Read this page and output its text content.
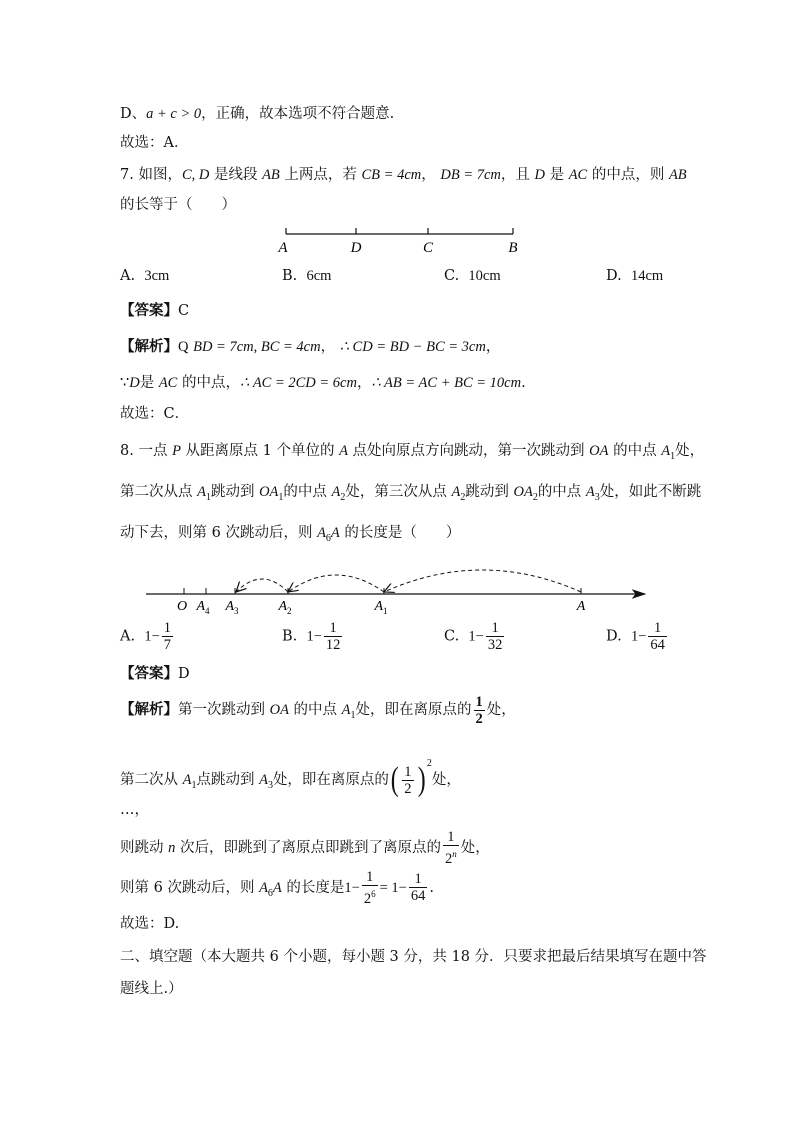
D、a + c > 0，正确，故本选项不符合题意.
故选：A．
7. 如图，C, D 是线段 AB 上两点，若 CB = 4cm， DB = 7cm，且 D 是 AC 的中点，则 AB
的长等于（　　）
A	D	C	B
A. 3cm	B. 6cm	C. 10cm	D. 14cm
【答案】C
【解析】Q BD = 7cm, BC = 4cm， ∴ CD = BD − BC = 3cm，
∵D是 AC 的中点，∴ AC = 2CD = 6cm，∴ AB = AC + BC = 10cm.
故选：C．
8. 一点 P 从距离原点 1 个单位的 A 点处向原点方向跳动，第一次跳动到 OA 的中点 $A_1$处，
第二次从点 $A_1$跳动到 $OA_1$的中点 $A_2$处，第三次从点 $A_2$跳动到 $OA_2$的中点 $A_3$处，如此不断跳
动下去，则第 6 次跳动后，则 $A_6A$ 的长度是（　　）
O $A_4$ $A_3$	$A_2$	$A_1$	A
A. $1- \frac{1}{7}$	B. $1- \frac{1}{12}$	C. $1- \frac{1}{32}$	D. $1- \frac{1}{64}$
【答案】D
【解析】第一次跳动到 OA 的中点 $A_1$处，即在离原点的 $\frac{1}{2}$ 处，
第二次从 $A_1$点跳动到 $A_3$处，即在离原点的( $\frac{1}{2}$ ) $^2$处，
…，
则跳动 n 次后，即跳到了离原点即跳到了离原点的 $\frac{1}{2^n}$ 处，
则第 6 次跳动后，则 $A_6A$ 的长度是$1- \frac{1}{2^6} = 1- \frac{1}{64}$ .
故选：D.
二、填空题（本大题共 6 个小题，每小题 3 分，共 18 分．只要求把最后结果填写在题中答
题线上.）
